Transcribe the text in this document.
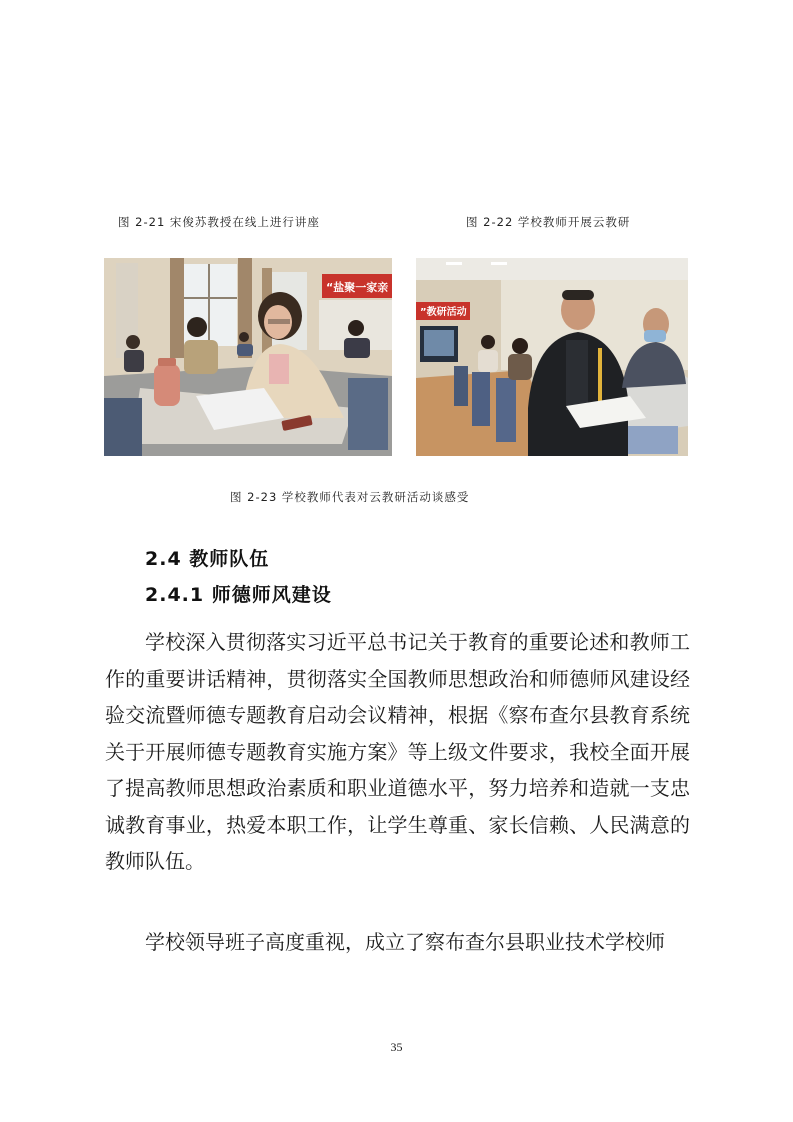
图 2-21 宋俊苏教授在线上进行讲座	图 2-22 学校教师开展云教研
“盐聚一家亲
”教研活动
图 2-23 学校教师代表对云教研活动谈感受
2.4 教师队伍
2.4.1 师德师风建设

学校深入贯彻落实习近平总书记关于教育的重要论述和教师工作的重要讲话精神，贯彻落实全国教师思想政治和师德师风建设经验交流暨师德专题教育启动会议精神，根据《察布查尔县教育系统关于开展师德专题教育实施方案》等上级文件要求，我校全面开展了提高教师思想政治素质和职业道德水平，努力培养和造就一支忠诚教育事业，热爱本职工作，让学生尊重、家长信赖、人民满意的教师队伍。

学校领导班子高度重视，成立了察布查尔县职业技术学校师

35
